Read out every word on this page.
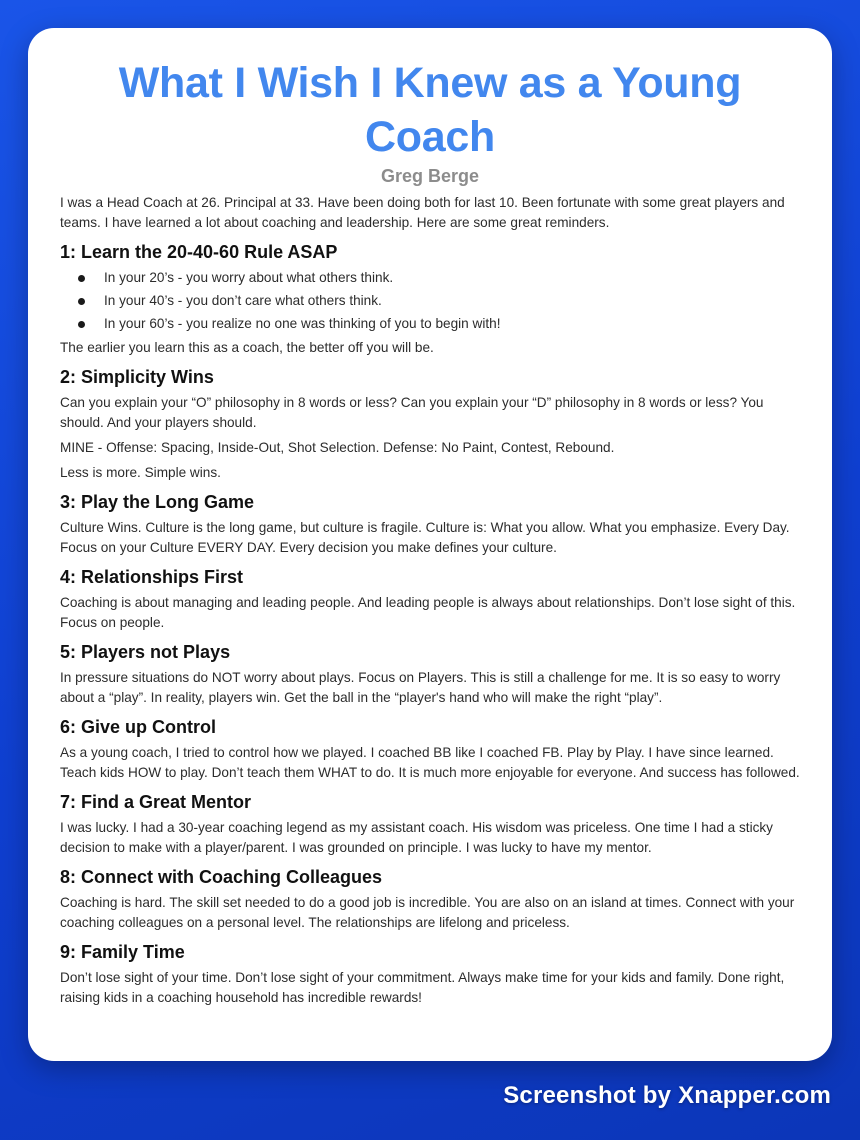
What I Wish I Knew as a Young Coach
Greg Berge

I was a Head Coach at 26. Principal at 33. Have been doing both for last 10. Been fortunate with some great players and teams. I have learned a lot about coaching and leadership. Here are some great reminders.

1: Learn the 20-40-60 Rule ASAP
In your 20’s - you worry about what others think.
In your 40’s - you don’t care what others think.
In your 60’s - you realize no one was thinking of you to begin with!

The earlier you learn this as a coach, the better off you will be.

2: Simplicity Wins

Can you explain your “O” philosophy in 8 words or less? Can you explain your “D” philosophy in 8 words or less? You should. And your players should.

MINE - Offense: Spacing, Inside-Out, Shot Selection. Defense: No Paint, Contest, Rebound.

Less is more. Simple wins.

3: Play the Long Game

Culture Wins. Culture is the long game, but culture is fragile. Culture is: What you allow. What you emphasize. Every Day. Focus on your Culture EVERY DAY. Every decision you make defines your culture.

4: Relationships First

Coaching is about managing and leading people. And leading people is always about relationships. Don’t lose sight of this. Focus on people.

5: Players not Plays

In pressure situations do NOT worry about plays. Focus on Players. This is still a challenge for me. It is so easy to worry about a “play”. In reality, players win. Get the ball in the “player's hand who will make the right “play”.

6: Give up Control

As a young coach, I tried to control how we played. I coached BB like I coached FB. Play by Play. I have since learned. Teach kids HOW to play. Don’t teach them WHAT to do. It is much more enjoyable for everyone. And success has followed.

7: Find a Great Mentor

I was lucky. I had a 30-year coaching legend as my assistant coach. His wisdom was priceless. One time I had a sticky decision to make with a player/parent. I was grounded on principle. I was lucky to have my mentor.

8: Connect with Coaching Colleagues

Coaching is hard. The skill set needed to do a good job is incredible. You are also on an island at times. Connect with your coaching colleagues on a personal level. The relationships are lifelong and priceless.

9: Family Time

Don’t lose sight of your time. Don’t lose sight of your commitment. Always make time for your kids and family. Done right, raising kids in a coaching household has incredible rewards!

Screenshot by Xnapper.com
